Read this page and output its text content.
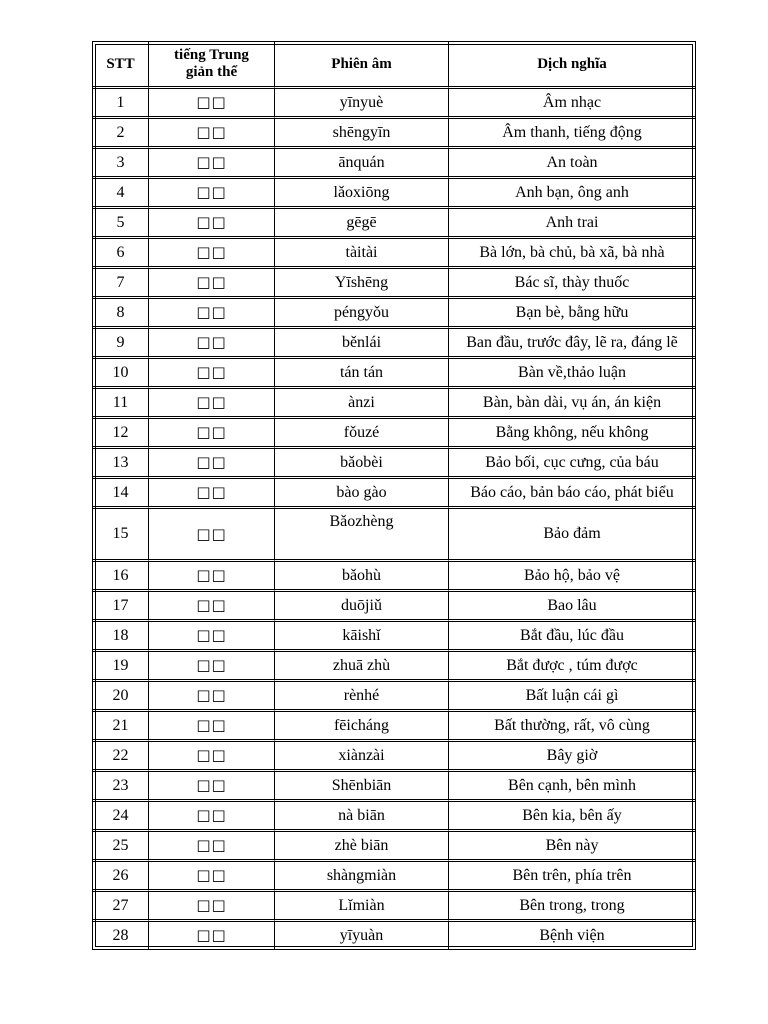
STT	tiếng Trung giản thể	Phiên âm	Dịch nghĩa
1	□□	yīnyuè	Âm nhạc
2	□□	shēngyīn	Âm thanh, tiếng động
3	□□	ānquán	An toàn
4	□□	lǎoxiōng	Anh bạn, ông anh
5	□□	gēgē	Anh trai
6	□□	tàitài	Bà lớn, bà chủ, bà xã, bà nhà
7	□□	Yīshēng	Bác sĩ, thày thuốc
8	□□	péngyǒu	Bạn bè, bằng hữu
9	□□	běnlái	Ban đầu, trước đây, lẽ ra, đáng lẽ
10	□□	tán tán	Bàn về,thảo luận
11	□□	ànzi	Bàn, bàn dài, vụ án, án kiện
12	□□	fǒuzé	Bằng không, nếu không
13	□□	bǎobèi	Bảo bối, cục cưng, của báu
14	□□	bào gào	Báo cáo, bản báo cáo, phát biểu
15	□□	Bǎozhèng	Bảo đảm
16	□□	bǎohù	Bảo hộ, bảo vệ
17	□□	duōjiǔ	Bao lâu
18	□□	kāishǐ	Bắt đầu, lúc đầu
19	□□	zhuā zhù	Bắt được , túm được
20	□□	rènhé	Bất luận cái gì
21	□□	fēicháng	Bất thường, rất, vô cùng
22	□□	xiànzài	Bây giờ
23	□□	Shēnbiān	Bên cạnh, bên mình
24	□□	nà biān	Bên kia, bên ấy
25	□□	zhè biān	Bên này
26	□□	shàngmiàn	Bên trên, phía trên
27	□□	Lǐmiàn	Bên trong, trong
28	□□	yīyuàn	Bệnh viện
